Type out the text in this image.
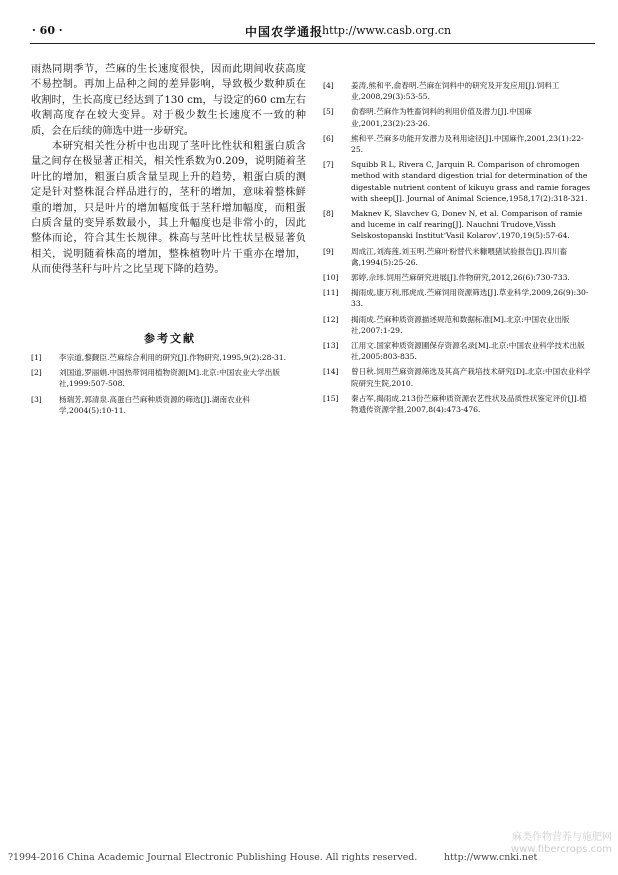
· 60 ·	中国农学通报
http://www.casb.org.cn

雨热同期季节，苎麻的生长速度很快，因而此期间收获高度不易控制。再加上品种之间的差异影响，导致极少数种质在收割时，生长高度已经达到了130 cm，与设定的60 cm左右收割高度存在较大变异。对于极少数生长速度不一致的种质，会在后续的筛选中进一步研究。

本研究相关性分析中也出现了茎叶比性状和粗蛋白质含量之间存在极显著正相关，相关性系数为0.209，说明随着茎叶比的增加，粗蛋白质含量呈现上升的趋势，粗蛋白质的测定是针对整株混合样品进行的，茎秆的增加，意味着整株鲜重的增加，只是叶片的增加幅度低于茎秆增加幅度，而粗蛋白质含量的变异系数最小，其上升幅度也是非常小的，因此整体而论，符合其生长规律。株高与茎叶比性状呈极显著负相关，说明随着株高的增加，整株植物叶片干重亦在增加，从而使得茎秆与叶片之比呈现下降的趋势。

参考文献
[1] 李宗道,黎觐臣.苎麻综合利用的研究[J].作物研究,1995,9(2):28-31.
[2] 刘国道,罗丽娟.中国热带饲用植物资源[M].北京:中国农业大学出版社,1999:507-508.
[3] 杨瑞芳,郭清泉.高蛋白苎麻种质资源的筛选[J].湖南农业科学,2004(5):10-11.
[4] 姜涛,熊和平,俞春明.苎麻在饲料中的研究及开发应用[J].饲料工业,2008,29(3):53-55.
[5] 俞春明.苎麻作为牲畜饲料的利用价值及潜力[J].中国麻业,2001,23(2):23-26.
[6] 熊和平.苎麻多功能开发潜力及利用途径[J].中国麻作,2001,23(1):22-25.
[7] Squibb R L, Rivera C, Jarquin R. Comparison of chromogen method with standard digestion trial for determination of the digestable nutrient content of kikuyu grass and ramie forages with sheep[J]. Journal of Animal Science,1958,17(2):318-321.
[8] Maknev K, Slavchev G, Donev N, et al. Comparison of ramie and luceme in calf rearing[J]. Nauchni Trudove,Vissh Selskostopanski Institut‘Vasil Kolarov’,1970,19(5):57-64.
[9] 周成江,刘海莲,刘玉明.苎麻叶粉替代米糠喂猪试验报告[J].四川畜禽,1994(5):25-26.
[10] 郭婷,佘玮.饲用苎麻研究进展[J].作物研究,2012,26(6):730-733.
[11] 揭雨成,康万利,邢虎成.苎麻饲用资源筛选[J].草业科学,2009,26(9):30-33.
[12] 揭雨成.苎麻种质资源描述规范和数据标准[M].北京:中国农业出版社,2007:1-29.
[13] 江用文.国家种质资源圃保存资源名录[M].北京:中国农业科学技术出版社,2005:803-835.
[14] 曾日秋.饲用苎麻资源筛选及其高产栽培技术研究[D].北京:中国农业科学院研究生院,2010.
[15] 秦占军,揭雨成.213份苎麻种质资源农艺性状及品质性状鉴定评价[J].植物遗传资源学报,2007,8(4):473-476.
?1994-2016 China Academic Journal Electronic Publishing House. All rights reserved.	http://www.cnki.net
麻类作物营养与施肥网
www.fibercrops.com
